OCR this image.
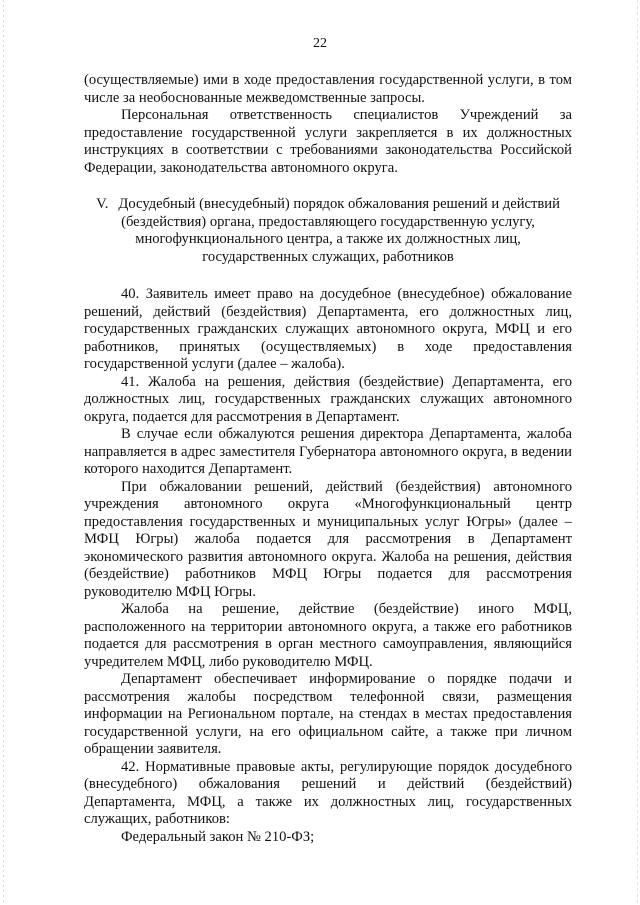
22

(осуществляемые) ими в ходе предоставления государственной услуги, в том числе за необоснованные межведомственные запросы.

Персональная ответственность специалистов Учреждений за предоставление государственной услуги закрепляется в их должностных инструкциях в соответствии с требованиями законодательства Российской Федерации, законодательства автономного округа.

V. Досудебный (внесудебный) порядок обжалования решений и действий (бездействия) органа, предоставляющего государственную услугу, многофункционального центра, а также их должностных лиц, государственных служащих, работников

40. Заявитель имеет право на досудебное (внесудебное) обжалование решений, действий (бездействия) Департамента, его должностных лиц, государственных гражданских служащих автономного округа, МФЦ и его работников, принятых (осуществляемых) в ходе предоставления государственной услуги (далее – жалоба).

41. Жалоба на решения, действия (бездействие) Департамента, его должностных лиц, государственных гражданских служащих автономного округа, подается для рассмотрения в Департамент.

В случае если обжалуются решения директора Департамента, жалоба направляется в адрес заместителя Губернатора автономного округа, в ведении которого находится Департамент.

При обжаловании решений, действий (бездействия) автономного учреждения автономного округа «Многофункциональный центр предоставления государственных и муниципальных услуг Югры» (далее – МФЦ Югры) жалоба подается для рассмотрения в Департамент экономического развития автономного округа. Жалоба на решения, действия (бездействие) работников МФЦ Югры подается для рассмотрения руководителю МФЦ Югры.

Жалоба на решение, действие (бездействие) иного МФЦ, расположенного на территории автономного округа, а также его работников подается для рассмотрения в орган местного самоуправления, являющийся учредителем МФЦ, либо руководителю МФЦ.

Департамент обеспечивает информирование о порядке подачи и рассмотрения жалобы посредством телефонной связи, размещения информации на Региональном портале, на стендах в местах предоставления государственной услуги, на его официальном сайте, а также при личном обращении заявителя.

42. Нормативные правовые акты, регулирующие порядок досудебного (внесудебного) обжалования решений и действий (бездействий) Департамента, МФЦ, а также их должностных лиц, государственных служащих, работников:

Федеральный закон № 210-ФЗ;
